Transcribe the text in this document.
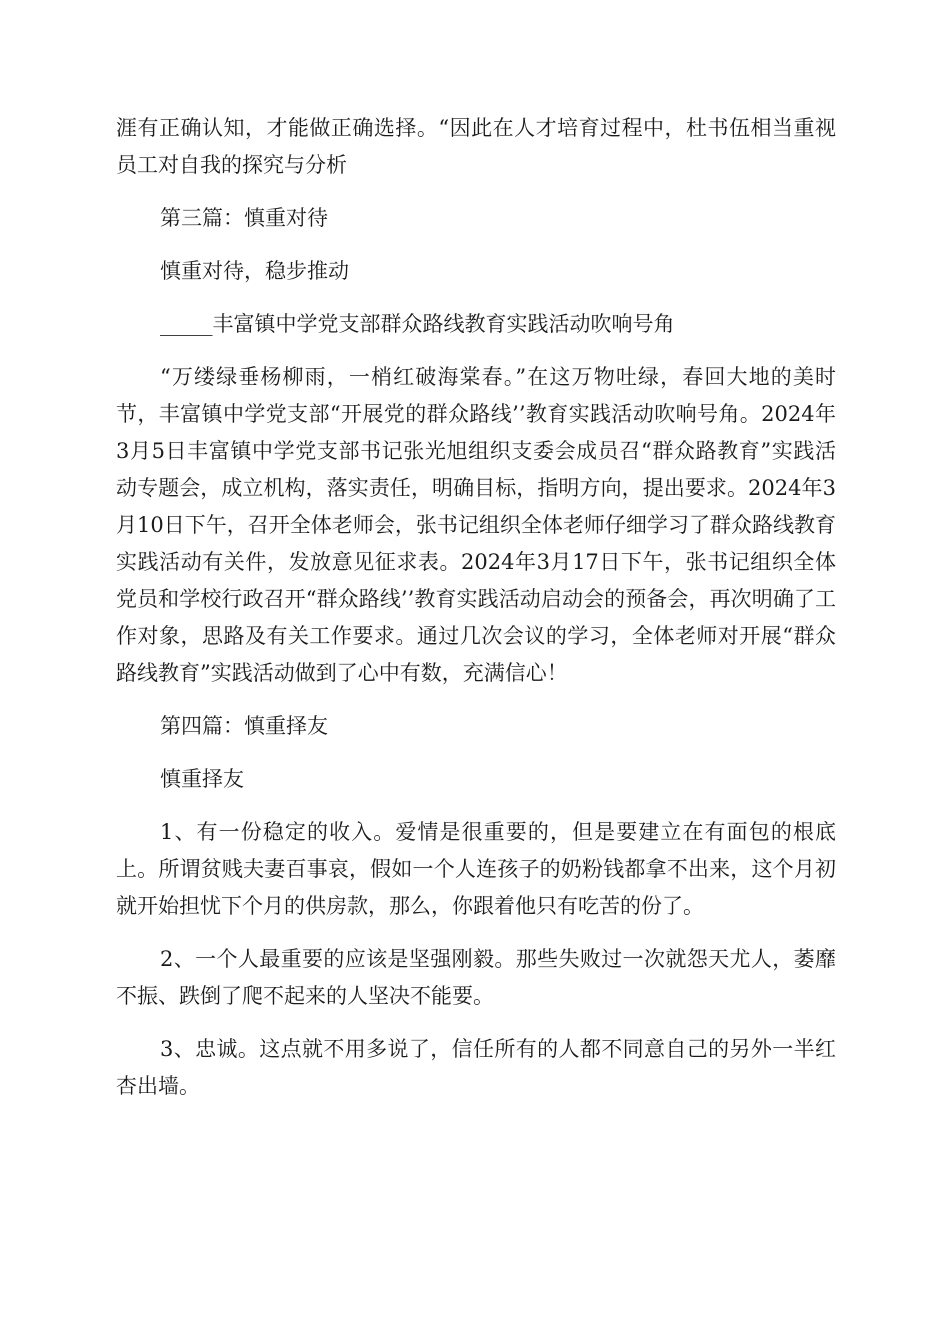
涯有正确认知，才能做正确选择。“因此在人才培育过程中，杜书伍相当重视员工对自我的探究与分析

第三篇：慎重对待

慎重对待，稳步推动

_____丰富镇中学党支部群众路线教育实践活动吹响号角

“万缕绿垂杨柳雨，一梢红破海棠春。”在这万物吐绿，春回大地的美时节，丰富镇中学党支部“开展党的群众路线’’教育实践活动吹响号角。2024年3月5日丰富镇中学党支部书记张光旭组织支委会成员召“群众路教育”实践活动专题会，成立机构，落实责任，明确目标，指明方向，提出要求。2024年3月10日下午，召开全体老师会，张书记组织全体老师仔细学习了群众路线教育实践活动有关件，发放意见征求表。2024年3月17日下午，张书记组织全体党员和学校行政召开“群众路线’’教育实践活动启动会的预备会，再次明确了工作对象，思路及有关工作要求。通过几次会议的学习，全体老师对开展“群众路线教育”实践活动做到了心中有数，充满信心！

第四篇：慎重择友

慎重择友

1、有一份稳定的收入。爱情是很重要的，但是要建立在有面包的根底上。所谓贫贱夫妻百事哀，假如一个人连孩子的奶粉钱都拿不出来，这个月初就开始担忧下个月的供房款，那么，你跟着他只有吃苦的份了。

2、一个人最重要的应该是坚强刚毅。那些失败过一次就怨天尤人，萎靡不振、跌倒了爬不起来的人坚决不能要。

3、忠诚。这点就不用多说了，信任所有的人都不同意自己的另外一半红杏出墙。
